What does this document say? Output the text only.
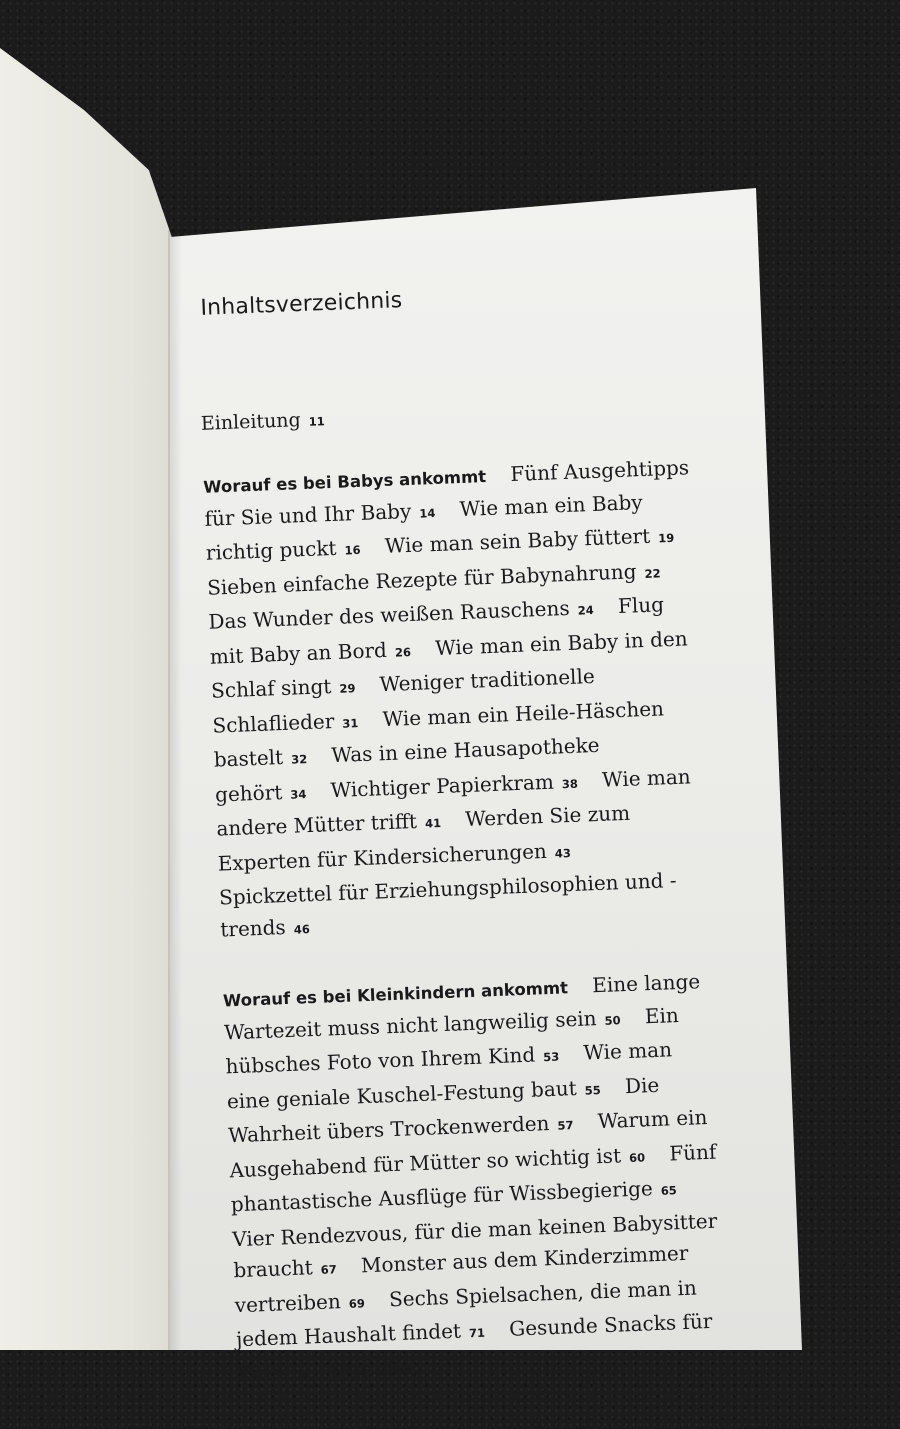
Inhaltsverzeichnis
Einleitung 11
Worauf es bei Babys ankommt Fünf Ausgehtipps für Sie und Ihr Baby 14 Wie man ein Baby richtig puckt 16 Wie man sein Baby füttert 19 Sieben einfache Rezepte für Babynahrung 22 Das Wunder des weißen Rauschens 24 Flug mit Baby an Bord 26 Wie man ein Baby in den Schlaf singt 29 Weniger traditionelle Schlaflieder 31 Wie man ein Heile-Häschen bastelt 32 Was in eine Hausapotheke gehört 34 Wichtiger Papierkram 38 Wie man andere Mütter trifft 41 Werden Sie zum Experten für Kindersicherungen 43 Spickzettel für Erziehungsphilosophien und -trends 46
Worauf es bei Kleinkindern ankommt Eine lange Wartezeit muss nicht langweilig sein 50 Ein hübsches Foto von Ihrem Kind 53 Wie man eine geniale Kuschel-Festung baut 55 Die Wahrheit übers Trockenwerden 57 Warum ein Ausgehabend für Mütter so wichtig ist 60 Fünf phantastische Ausflüge für Wissbegierige 65 Vier Rendezvous, für die man keinen Babysitter braucht 67 Monster aus dem Kinderzimmer vertreiben 69 Sechs Spielsachen, die man in jedem Haushalt findet 71 Gesunde Snacks für Kids 74 Strauße
